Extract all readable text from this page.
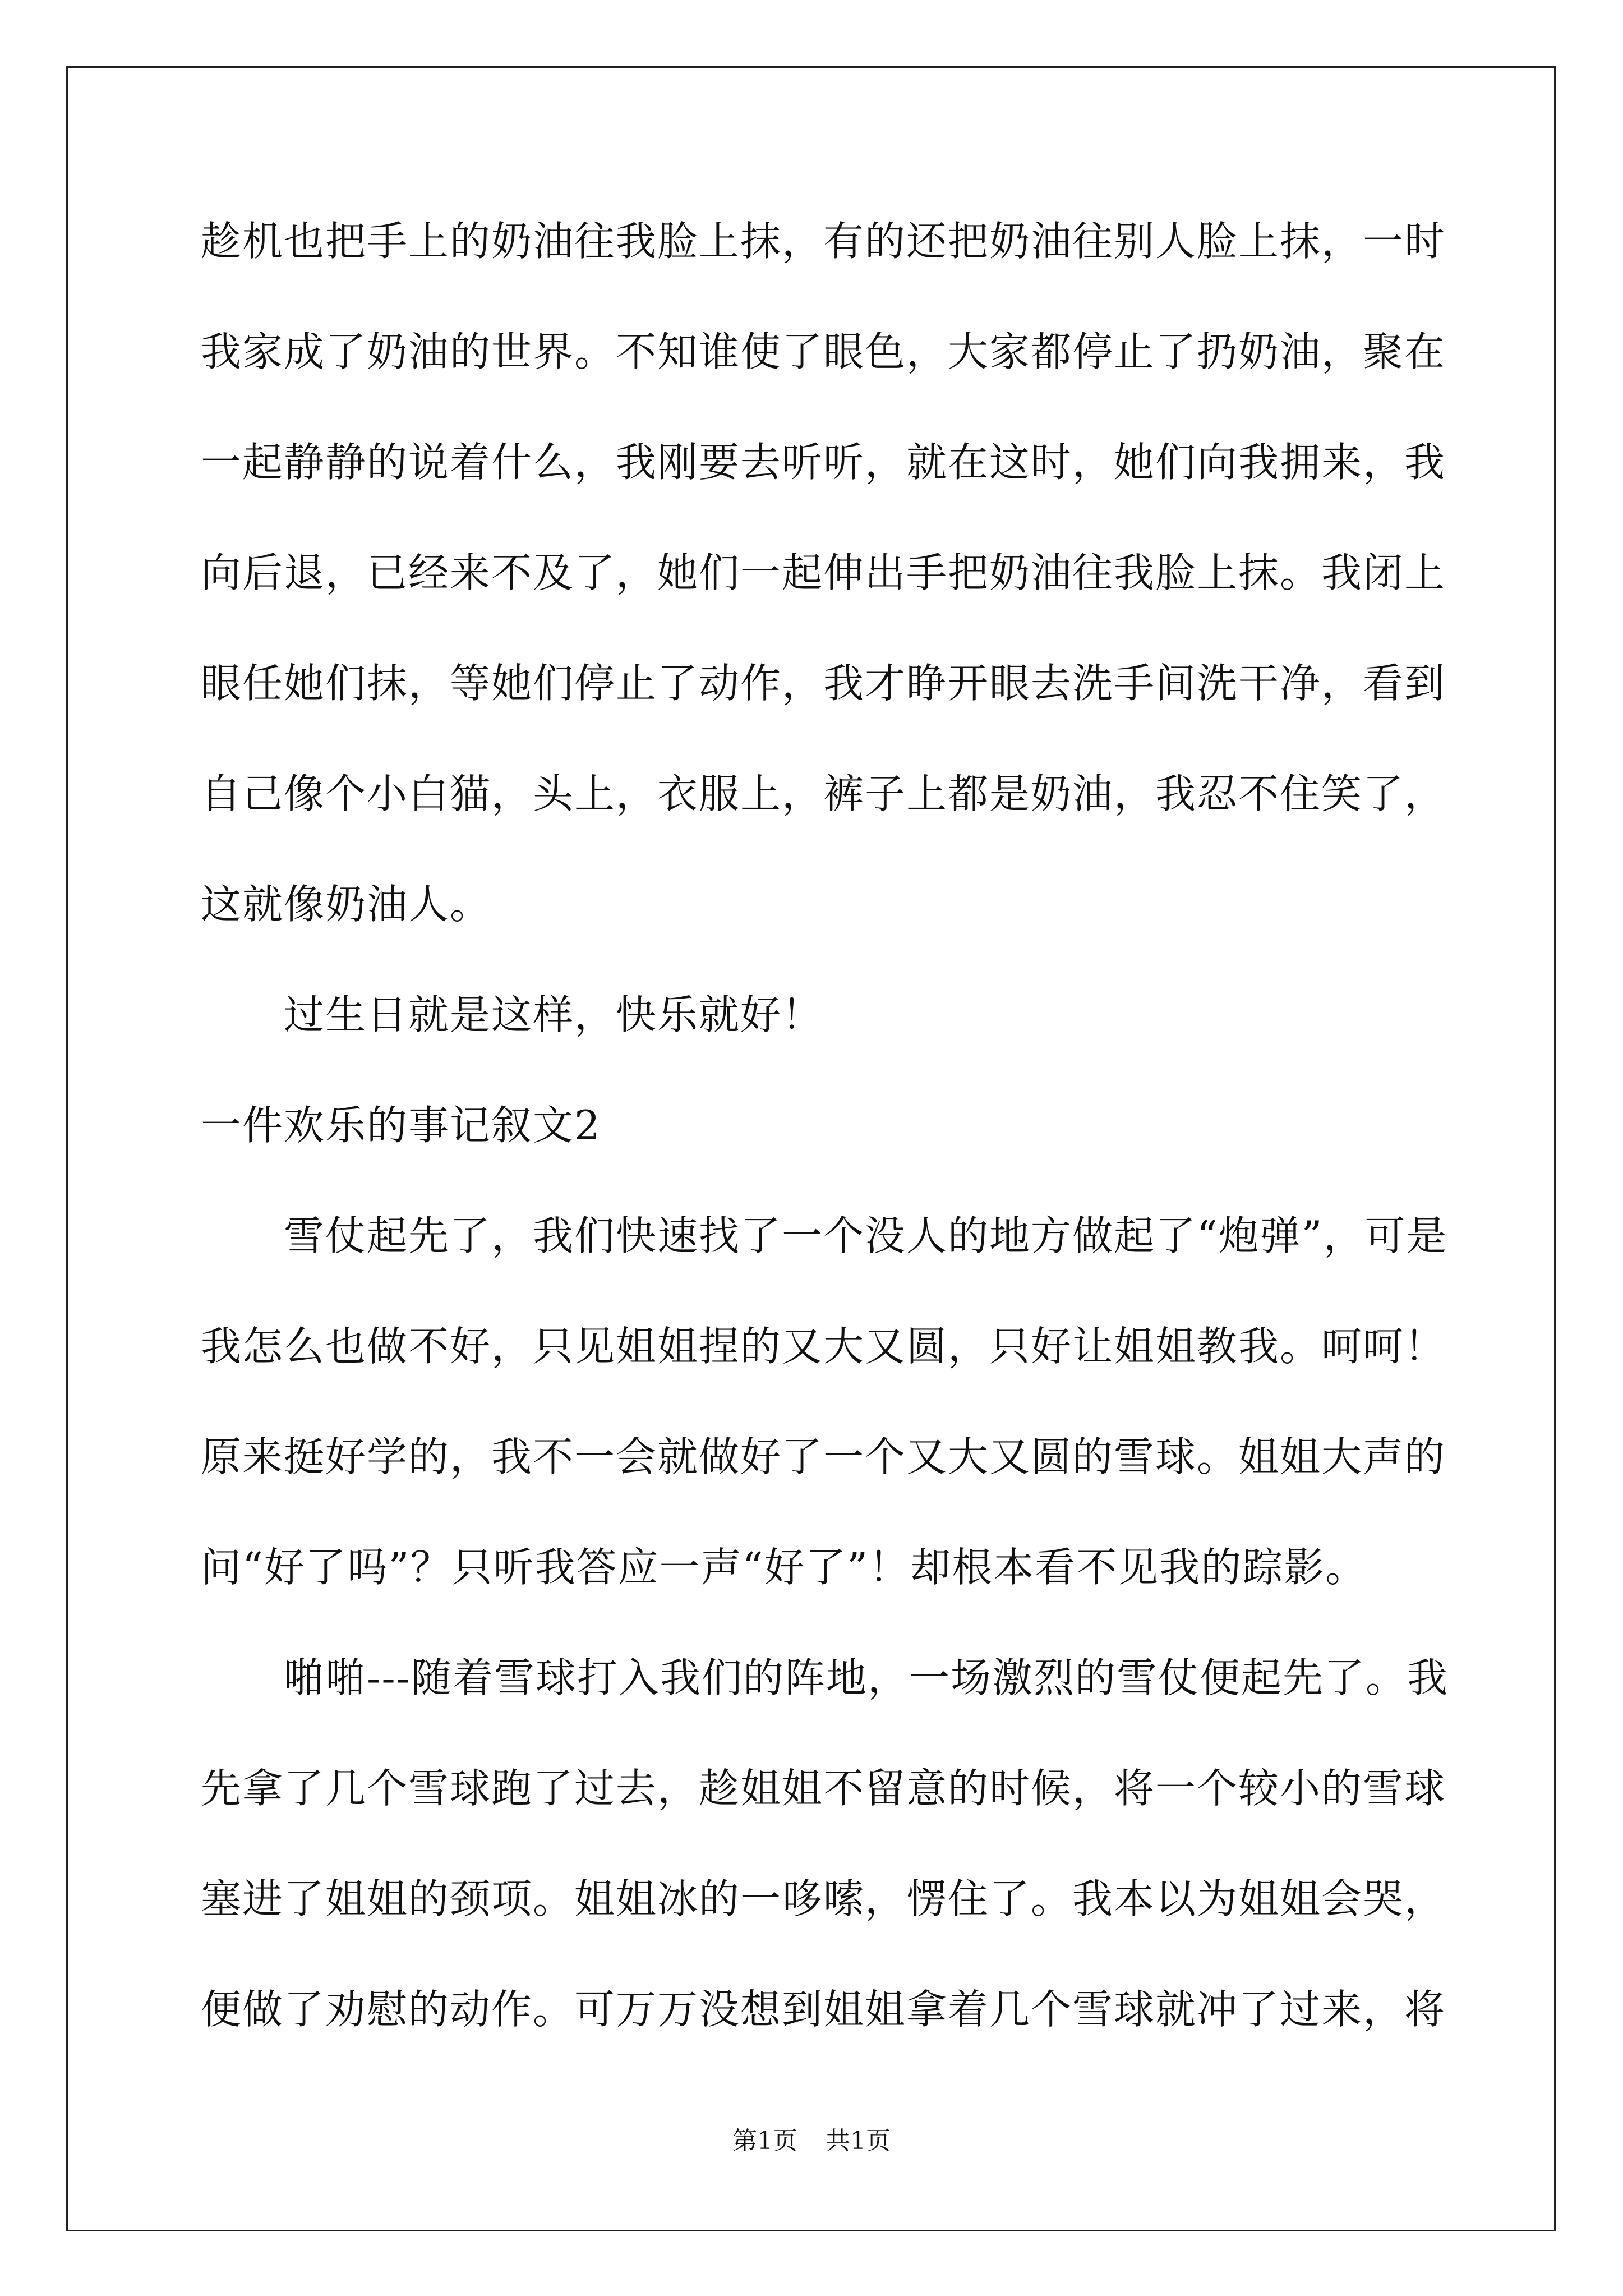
趁机也把手上的奶油往我脸上抹，有的还把奶油往别人脸上抹，一时
我家成了奶油的世界。不知谁使了眼色，大家都停止了扔奶油，聚在
一起静静的说着什么，我刚要去听听，就在这时，她们向我拥来，我
向后退，已经来不及了，她们一起伸出手把奶油往我脸上抹。我闭上
眼任她们抹，等她们停止了动作，我才睁开眼去洗手间洗干净，看到
自己像个小白猫，头上，衣服上，裤子上都是奶油，我忍不住笑了，
这就像奶油人。
过生日就是这样，快乐就好！
一件欢乐的事记叙文2
雪仗起先了，我们快速找了一个没人的地方做起了“炮弹”，可是
我怎么也做不好，只见姐姐捏的又大又圆，只好让姐姐教我。呵呵！
原来挺好学的，我不一会就做好了一个又大又圆的雪球。姐姐大声的
问“好了吗”？只听我答应一声“好了”！却根本看不见我的踪影。
啪啪---随着雪球打入我们的阵地，一场激烈的雪仗便起先了。我
先拿了几个雪球跑了过去，趁姐姐不留意的时候，将一个较小的雪球
塞进了姐姐的颈项。姐姐冰的一哆嗦，愣住了。我本以为姐姐会哭，
便做了劝慰的动作。可万万没想到姐姐拿着几个雪球就冲了过来，将
第1页 共1页
